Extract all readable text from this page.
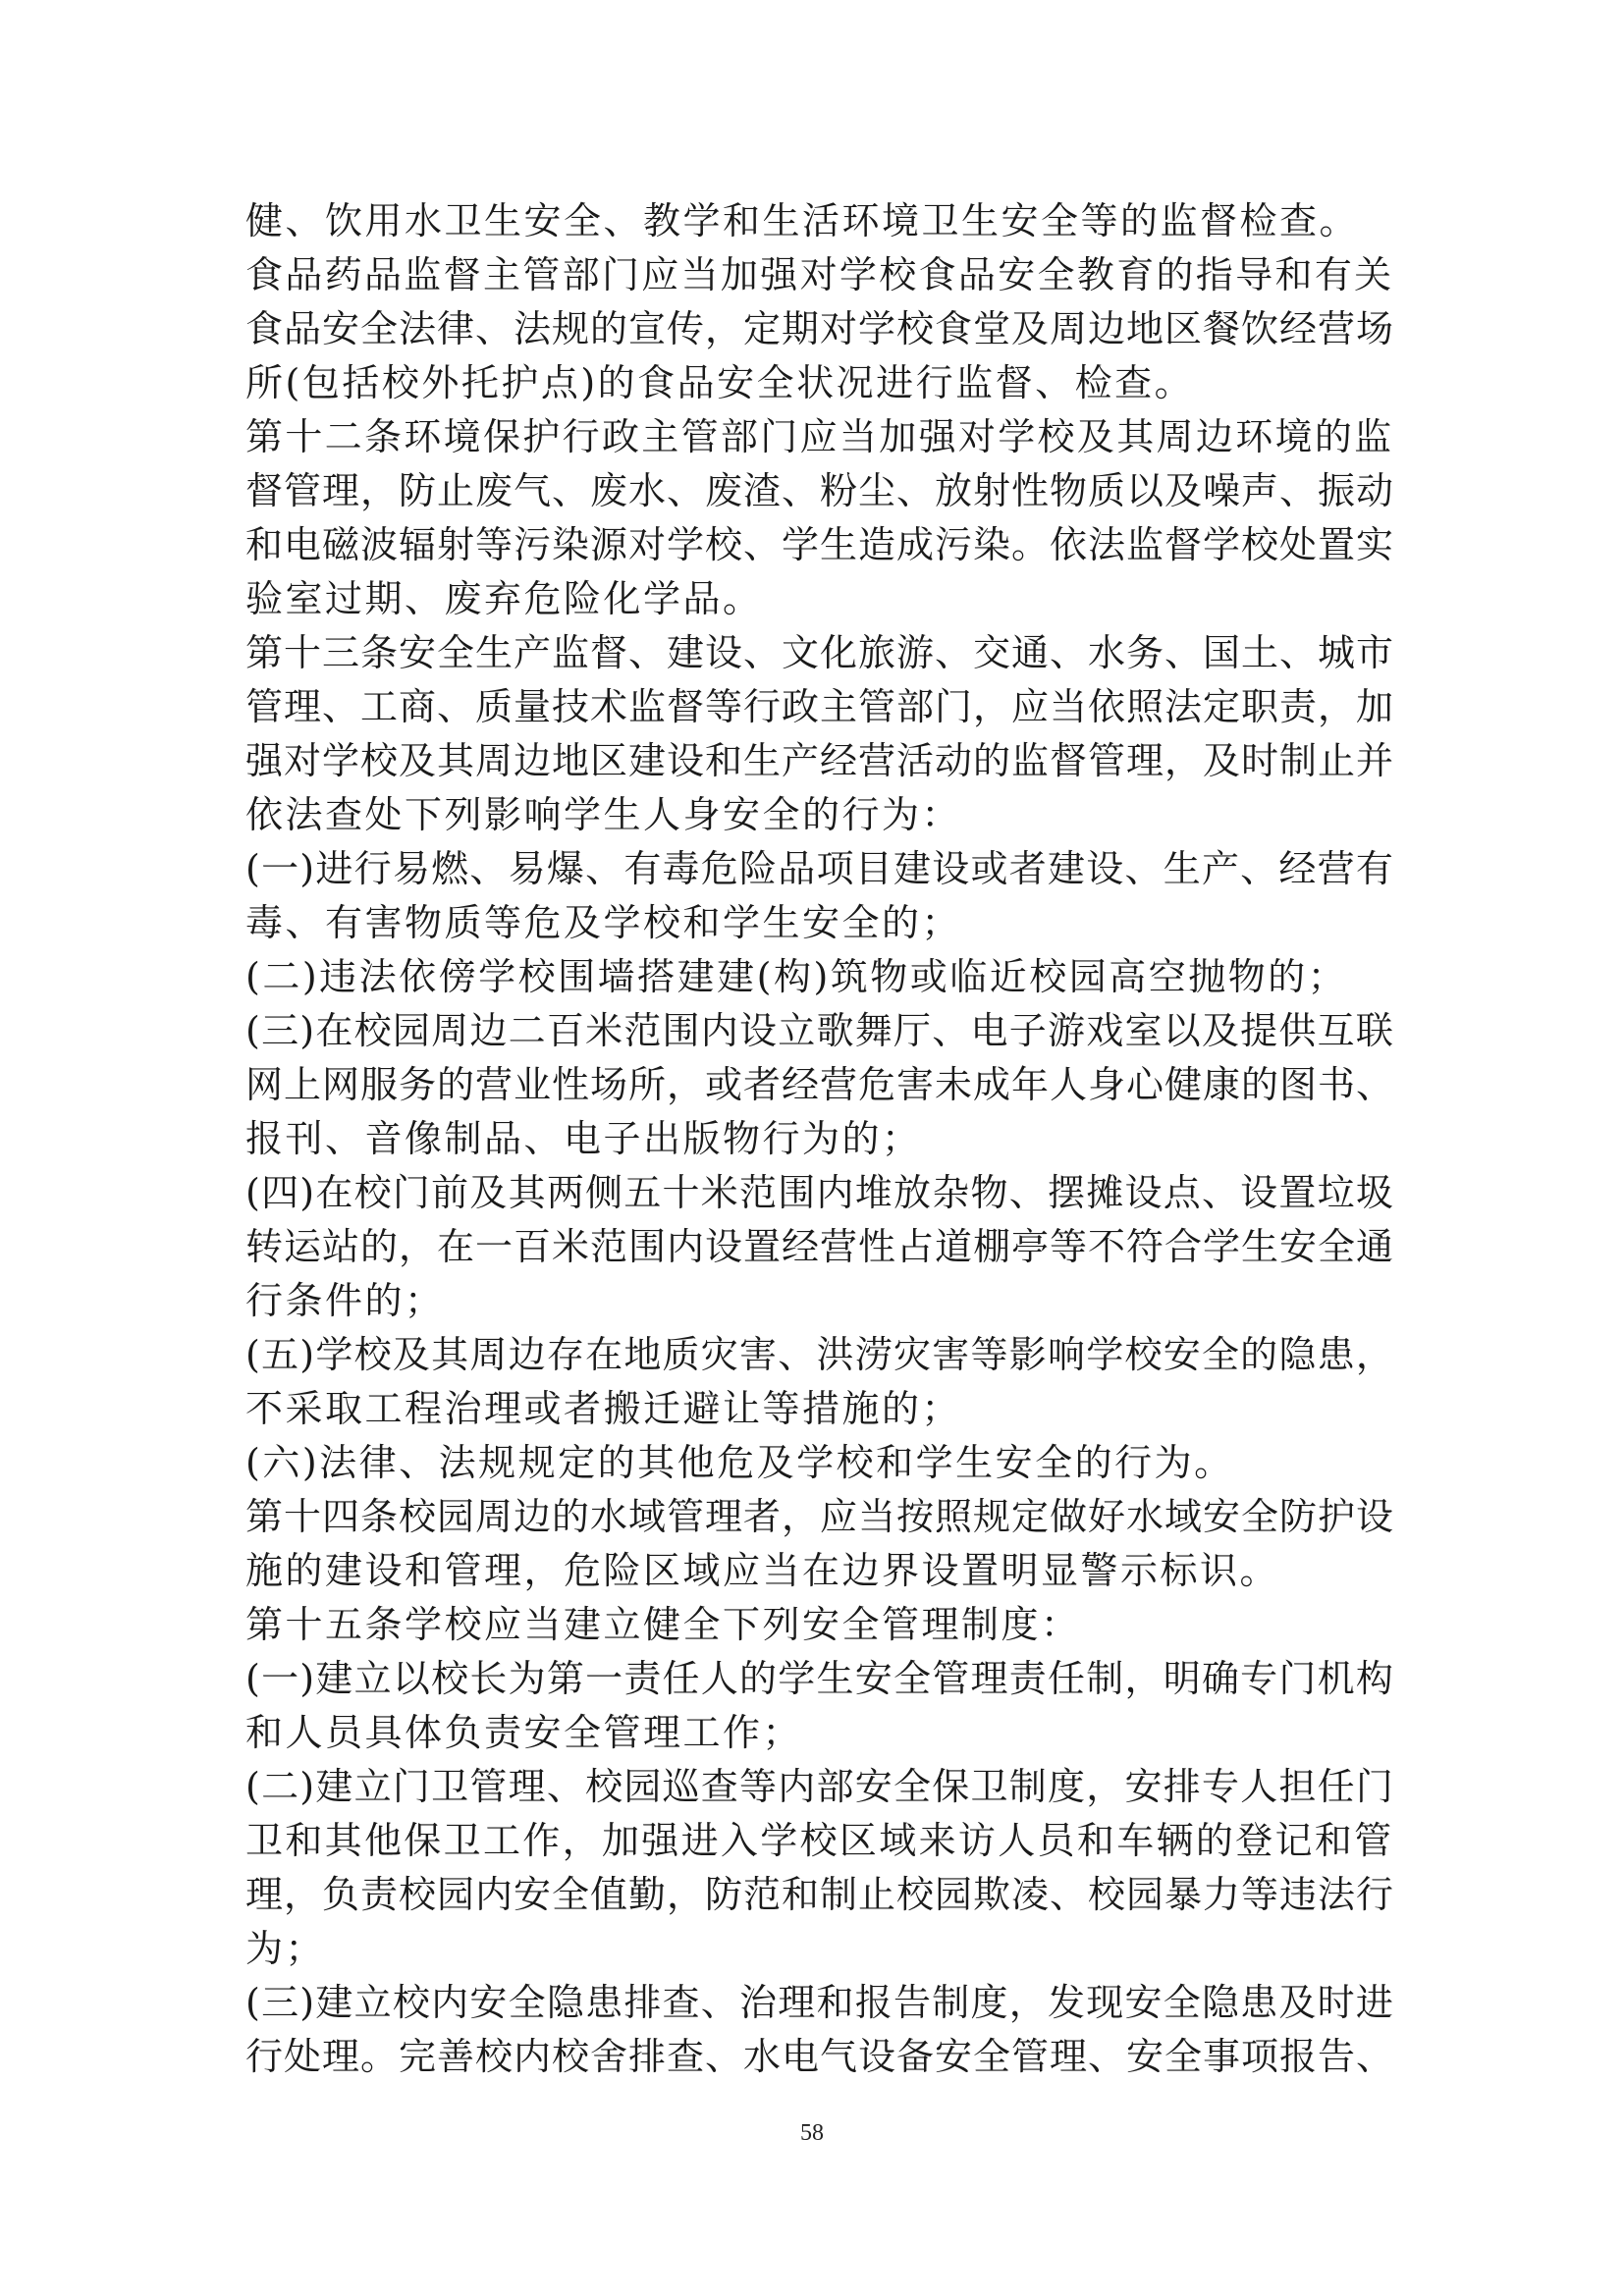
健、饮用水卫生安全、教学和生活环境卫生安全等的监督检查。
食品药品监督主管部门应当加强对学校食品安全教育的指导和有关
食品安全法律、法规的宣传，定期对学校食堂及周边地区餐饮经营场
所(包括校外托护点)的食品安全状况进行监督、检查。
第十二条环境保护行政主管部门应当加强对学校及其周边环境的监
督管理，防止废气、废水、废渣、粉尘、放射性物质以及噪声、振动
和电磁波辐射等污染源对学校、学生造成污染。依法监督学校处置实
验室过期、废弃危险化学品。
第十三条安全生产监督、建设、文化旅游、交通、水务、国土、城市
管理、工商、质量技术监督等行政主管部门，应当依照法定职责，加
强对学校及其周边地区建设和生产经营活动的监督管理，及时制止并
依法查处下列影响学生人身安全的行为：
(一)进行易燃、易爆、有毒危险品项目建设或者建设、生产、经营有
毒、有害物质等危及学校和学生安全的；
(二)违法依傍学校围墙搭建建(构)筑物或临近校园高空抛物的；
(三)在校园周边二百米范围内设立歌舞厅、电子游戏室以及提供互联
网上网服务的营业性场所，或者经营危害未成年人身心健康的图书、
报刊、音像制品、电子出版物行为的；
(四)在校门前及其两侧五十米范围内堆放杂物、摆摊设点、设置垃圾
转运站的，在一百米范围内设置经营性占道棚亭等不符合学生安全通
行条件的；
(五)学校及其周边存在地质灾害、洪涝灾害等影响学校安全的隐患，
不采取工程治理或者搬迁避让等措施的；
(六)法律、法规规定的其他危及学校和学生安全的行为。
第十四条校园周边的水域管理者，应当按照规定做好水域安全防护设
施的建设和管理，危险区域应当在边界设置明显警示标识。
第十五条学校应当建立健全下列安全管理制度：
(一)建立以校长为第一责任人的学生安全管理责任制，明确专门机构
和人员具体负责安全管理工作；
(二)建立门卫管理、校园巡查等内部安全保卫制度，安排专人担任门
卫和其他保卫工作，加强进入学校区域来访人员和车辆的登记和管
理，负责校园内安全值勤，防范和制止校园欺凌、校园暴力等违法行
为；
(三)建立校内安全隐患排查、治理和报告制度，发现安全隐患及时进
行处理。完善校内校舍排查、水电气设备安全管理、安全事项报告、
58
